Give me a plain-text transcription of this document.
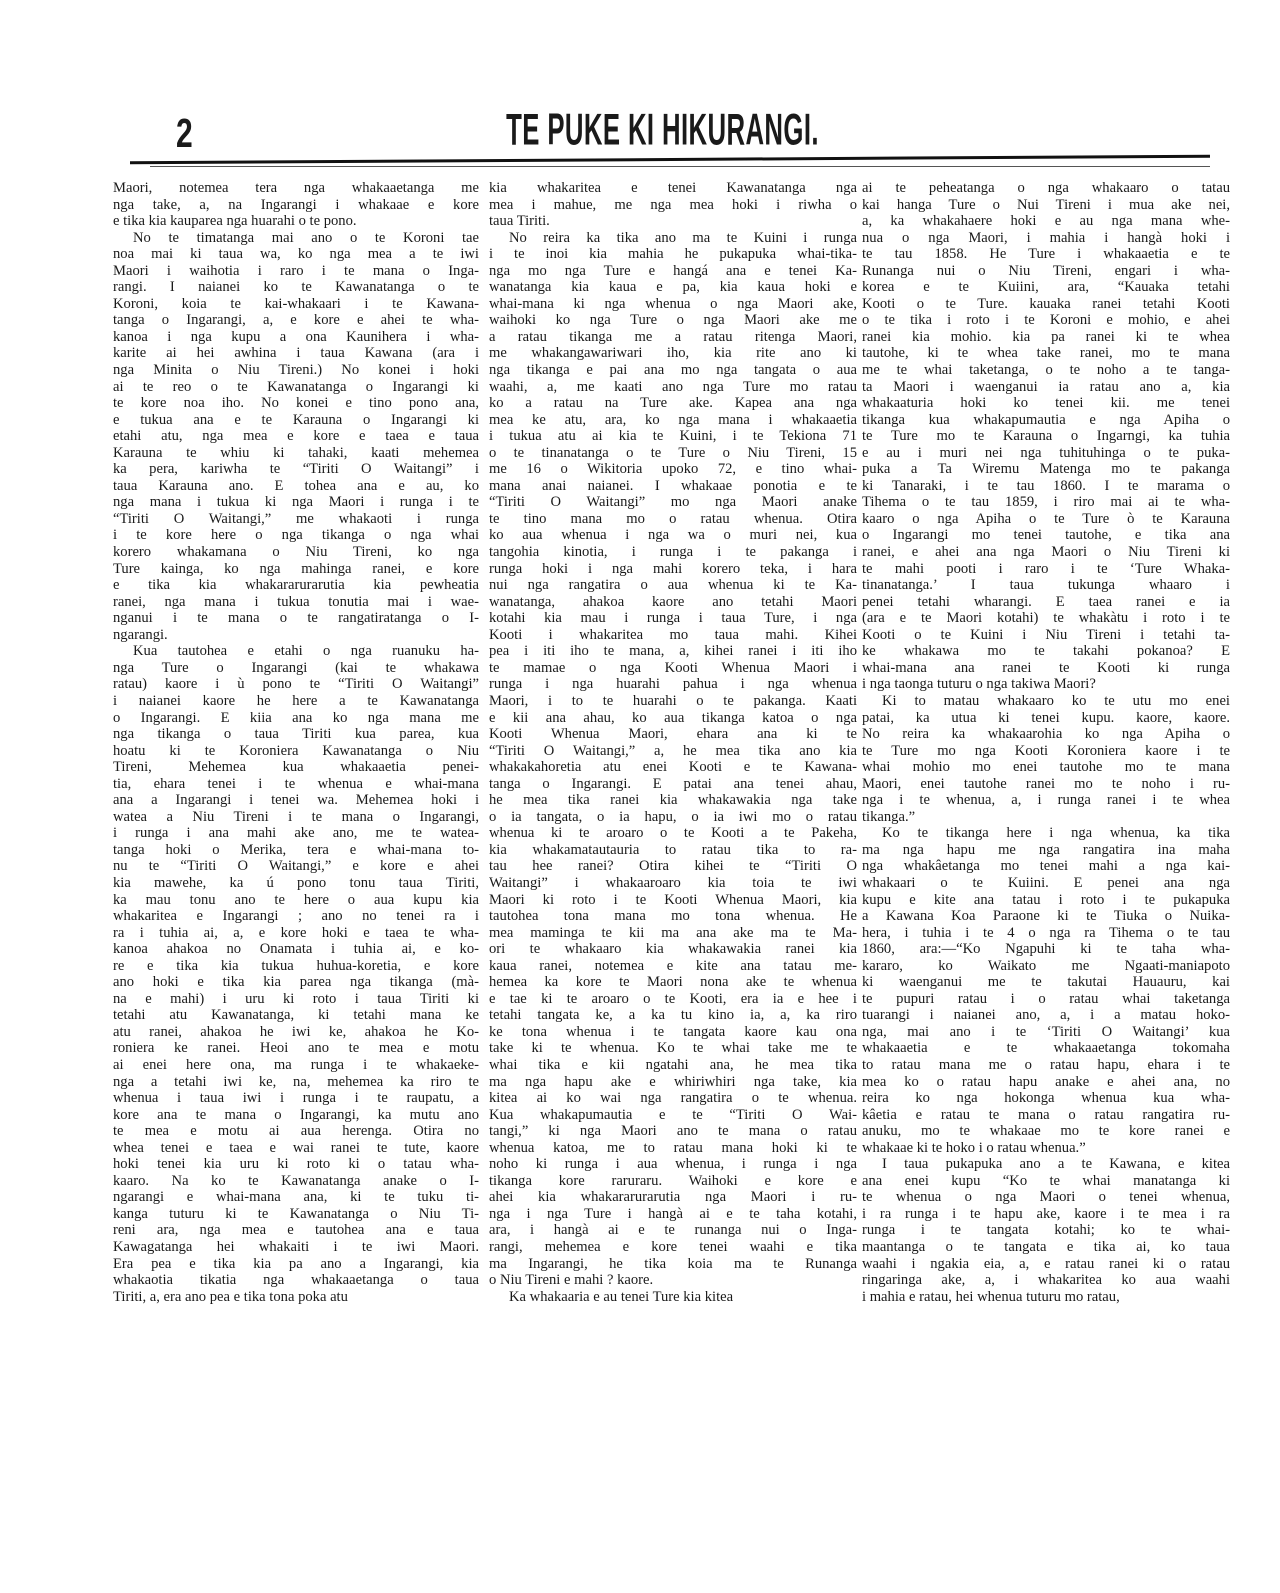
2	TE PUKE KI HIKURANGI.
Maori, notemea tera nga whakaaetanga me
nga take, a, na Ingarangi i whakaae e kore
e tika kia kauparea nga huarahi o te pono.
No te timatanga mai ano o te Koroni tae
noa mai ki taua wa, ko nga mea a te iwi
Maori i waihotia i raro i te mana o Inga-
rangi. I naianei ko te Kawanatanga o te
Koroni, koia te kai-whakaari i te Kawana-
tanga o Ingarangi, a, e kore e ahei te wha-
kanoa i nga kupu a ona Kaunihera i wha-
karite ai hei awhina i taua Kawana (ara i
nga Minita o Niu Tireni.) No konei i hoki
ai te reo o te Kawanatanga o Ingarangi ki
te kore noa iho. No konei e tino pono ana,
e tukua ana e te Karauna o Ingarangi ki
etahi atu, nga mea e kore e taea e taua
Karauna te whiu ki tahaki, kaati mehemea
ka pera, kariwha te “Tiriti O Waitangi” i
taua Karauna ano. E tohea ana e au, ko
nga mana i tukua ki nga Maori i runga i te
“Tiriti O Waitangi,” me whakaoti i runga
i te kore here o nga tikanga o nga whai
korero whakamana o Niu Tireni, ko nga
Ture kainga, ko nga mahinga ranei, e kore
e tika kia whakararurarutia kia pewheatia
ranei, nga mana i tukua tonutia mai i wae-
nganui i te mana o te rangatiratanga o I-
ngarangi.
Kua tautohea e etahi o nga ruanuku ha-
nga Ture o Ingarangi (kai te whakawa
ratau) kaore i ù pono te “Tiriti O Waitangi”
i naianei kaore he here a te Kawanatanga
o Ingarangi. E kiia ana ko nga mana me
nga tikanga o taua Tiriti kua parea, kua
hoatu ki te Koroniera Kawanatanga o Niu
Tireni, Mehemea kua whakaaetia penei-
tia, ehara tenei i te whenua e whai-mana
ana a Ingarangi i tenei wa. Mehemea hoki i
watea a Niu Tireni i te mana o Ingarangi,
i runga i ana mahi ake ano, me te watea-
tanga hoki o Merika, tera e whai-mana to-
nu te “Tiriti O Waitangi,” e kore e ahei
kia mawehe, ka ú pono tonu taua Tiriti,
ka mau tonu ano te here o aua kupu kia
whakaritea e Ingarangi ; ano no tenei ra i
ra i tuhia ai, a, e kore hoki e taea te wha-
kanoa ahakoa no Onamata i tuhia ai, e ko-
re e tika kia tukua huhua-koretia, e kore
ano hoki e tika kia parea nga tikanga (mà-
na e mahi) i uru ki roto i taua Tiriti ki
tetahi atu Kawanatanga, ki tetahi mana ke
atu ranei, ahakoa he iwi ke, ahakoa he Ko-
roniera ke ranei. Heoi ano te mea e motu
ai enei here ona, ma runga i te whakaeke-
nga a tetahi iwi ke, na, mehemea ka riro te
whenua i taua iwi i runga i te raupatu, a
kore ana te mana o Ingarangi, ka mutu ano
te mea e motu ai aua herenga. Otira no
whea tenei e taea e wai ranei te tute, kaore
hoki tenei kia uru ki roto ki o tatau wha-
kaaro. Na ko te Kawanatanga anake o I-
ngarangi e whai-mana ana, ki te tuku ti-
kanga tuturu ki te Kawanatanga o Niu Ti-
reni ara, nga mea e tautohea ana e taua
Kawagatanga hei whakaiti i te iwi Maori.
Era pea e tika kia pa ano a Ingarangi, kia
whakaotia tikatia nga whakaaetanga o taua
Tiriti, a, era ano pea e tika tona poka atu
kia whakaritea e tenei Kawanatanga nga
mea i mahue, me nga mea hoki i riwha o
taua Tiriti.
No reira ka tika ano ma te Kuini i runga
i te inoi kia mahia he pukapuka whai-tika-
nga mo nga Ture e hangá ana e tenei Ka-
wanatanga kia kaua e pa, kia kaua hoki e
whai-mana ki nga whenua o nga Maori ake,
waihoki ko nga Ture o nga Maori ake me
a ratau tikanga me a ratau ritenga Maori,
me whakangawariwari iho, kia rite ano ki
nga tikanga e pai ana mo nga tangata o aua
waahi, a, me kaati ano nga Ture mo ratau
ko a ratau na Ture ake. Kapea ana nga
mea ke atu, ara, ko nga mana i whakaaetia
i tukua atu ai kia te Kuini, i te Tekiona 71
o te tinanatanga o te Ture o Niu Tireni, 15
me 16 o Wikitoria upoko 72, e tino whai-
mana anai naianei. I whakaae ponotia e te
“Tiriti O Waitangi” mo nga Maori anake
te tino mana mo o ratau whenua. Otira
ko aua whenua i nga wa o muri nei, kua
tangohia kinotia, i runga i te pakanga i
runga hoki i nga mahi korero teka, i hara
nui nga rangatira o aua whenua ki te Ka-
wanatanga, ahakoa kaore ano tetahi Maori
kotahi kia mau i runga i taua Ture, i nga
Kooti i whakaritea mo taua mahi. Kihei
pea i iti iho te mana, a, kihei ranei i iti iho
te mamae o nga Kooti Whenua Maori i
runga i nga huarahi pahua i nga whenua
Maori, i to te huarahi o te pakanga. Kaati
e kii ana ahau, ko aua tikanga katoa o nga
Kooti Whenua Maori, ehara ana ki te
“Tiriti O Waitangi,” a, he mea tika ano kia
whakakahoretia atu enei Kooti e te Kawana-
tanga o Ingarangi. E patai ana tenei ahau,
he mea tika ranei kia whakawakia nga take
o ia tangata, o ia hapu, o ia iwi mo o ratau
whenua ki te aroaro o te Kooti a te Pakeha,
kia whakamatautauria to ratau tika to ra-
tau hee ranei? Otira kihei te “Tiriti O
Waitangi” i whakaaroaro kia toia te iwi
Maori ki roto i te Kooti Whenua Maori, kia
tautohea tona mana mo tona whenua. He
mea maminga te kii ma ana ake ma te Ma-
ori te whakaaro kia whakawakia ranei kia
kaua ranei, notemea e kite ana tatau me-
hemea ka kore te Maori nona ake te whenua
e tae ki te aroaro o te Kooti, era ia e hee i
tetahi tangata ke, a ka tu kino ia, a, ka riro
ke tona whenua i te tangata kaore kau ona
take ki te whenua. Ko te whai take me te
whai tika e kii ngatahi ana, he mea tika
ma nga hapu ake e whiriwhiri nga take, kia
kitea ai ko wai nga rangatira o te whenua.
Kua whakapumautia e te “Tiriti O Wai-
tangi,” ki nga Maori ano te mana o ratau
whenua katoa, me to ratau mana hoki ki te
noho ki runga i aua whenua, i runga i nga
tikanga kore raruraru. Waihoki e kore e
ahei kia whakararurarutia nga Maori i ru-
nga i nga Ture i hangà ai e te taha kotahi,
ara, i hangà ai e te runanga nui o Inga-
rangi, mehemea e kore tenei waahi e tika
ma Ingarangi, he tika koia ma te Runanga
o Niu Tireni e mahi ? kaore.
Ka whakaaria e au tenei Ture kia kitea
ai te peheatanga o nga whakaaro o tatau
kai hanga Ture o Nui Tireni i mua ake nei,
a, ka whakahaere hoki e au nga mana whe-
nua o nga Maori, i mahia i hangà hoki i
te tau 1858. He Ture i whakaaetia e te
Runanga nui o Niu Tireni, engari i wha-
korea e te Kuiini, ara, “Kauaka tetahi
Kooti o te Ture. kauaka ranei tetahi Kooti
o te tika i roto i te Koroni e mohio, e ahei
ranei kia mohio. kia pa ranei ki te whea
tautohe, ki te whea take ranei, mo te mana
me te whai taketanga, o te noho a te tanga-
ta Maori i waenganui ia ratau ano a, kia
whakaaturia hoki ko tenei kii. me tenei
tikanga kua whakapumautia e nga Apiha o
te Ture mo te Karauna o Ingarngi, ka tuhia
e au i muri nei nga tuhituhinga o te puka-
puka a Ta Wiremu Matenga mo te pakanga
ki Tanaraki, i te tau 1860. I te marama o
Tihema o te tau 1859, i riro mai ai te wha-
kaaro o nga Apiha o te Ture ò te Karauna
o Ingarangi mo tenei tautohe, e tika ana
ranei, e ahei ana nga Maori o Niu Tireni ki
te mahi pooti i raro i te ‘Ture Whaka-
tinanatanga.’ I taua tukunga whaaro i
penei tetahi wharangi. E taea ranei e ia
(ara e te Maori kotahi) te whakàtu i roto i te
Kooti o te Kuini i Niu Tireni i tetahi ta-
ke whakawa mo te takahi pokanoa? E
whai-mana ana ranei te Kooti ki runga
i nga taonga tuturu o nga takiwa Maori?
Ki to matau whakaaro ko te utu mo enei
patai, ka utua ki tenei kupu. kaore, kaore.
No reira ka whakaarohia ko nga Apiha o
te Ture mo nga Kooti Koroniera kaore i te
whai mohio mo enei tautohe mo te mana
Maori, enei tautohe ranei mo te noho i ru-
nga i te whenua, a, i runga ranei i te whea
tikanga.”
Ko te tikanga here i nga whenua, ka tika
ma nga hapu me nga rangatira ina maha
nga whakâetanga mo tenei mahi a nga kai-
whakaari o te Kuiini. E penei ana nga
kupu e kite ana tatau i roto i te pukapuka
a Kawana Koa Paraone ki te Tiuka o Nuika-
hera, i tuhia i te 4 o nga ra Tihema o te tau
1860, ara:—“Ko Ngapuhi ki te taha wha-
kararo, ko Waikato me Ngaati-maniapoto
ki waenganui me te takutai Hauauru, kai
te pupuri ratau i o ratau whai taketanga
tuarangi i naianei ano, a, i a matau hoko-
nga, mai ano i te ‘Tiriti O Waitangi’ kua
whakaaetia e te whakaaetanga tokomaha
to ratau mana me o ratau hapu, ehara i te
mea ko o ratau hapu anake e ahei ana, no
reira ko nga hokonga whenua kua wha-
kâetia e ratau te mana o ratau rangatira ru-
anuku, mo te whakaae mo te kore ranei e
whakaae ki te hoko i o ratau whenua.”
I taua pukapuka ano a te Kawana, e kitea
ana enei kupu “Ko te whai manatanga ki
te whenua o nga Maori o tenei whenua,
i ra runga i te hapu ake, kaore i te mea i ra
runga i te tangata kotahi; ko te whai-
maantanga o te tangata e tika ai, ko taua
waahi i ngakia eia, a, e ratau ranei ki o ratau
ringaringa ake, a, i whakaritea ko aua waahi
i mahia e ratau, hei whenua tuturu mo ratau,
